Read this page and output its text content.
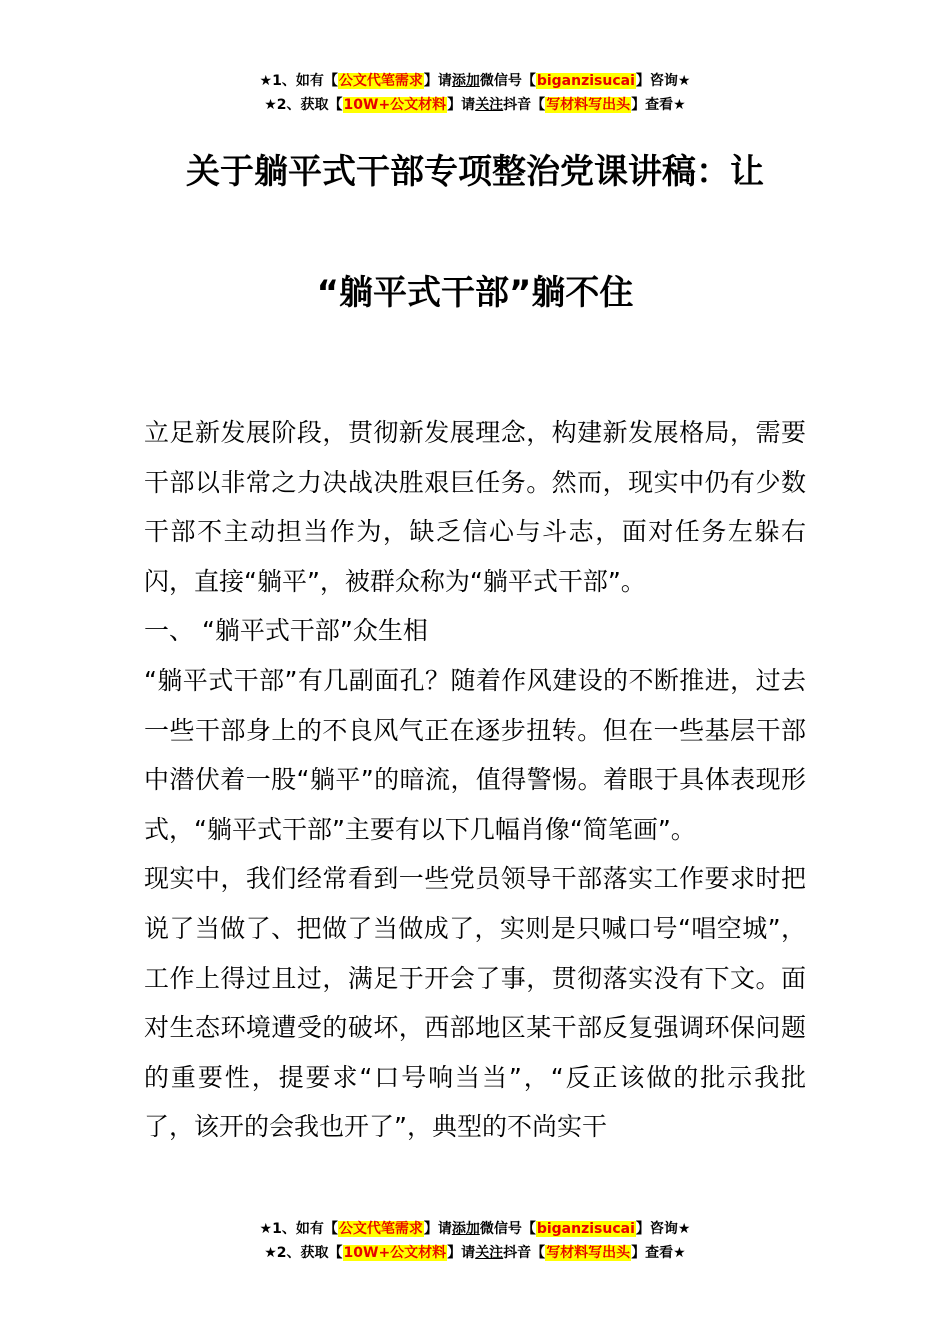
★1、如有【公文代笔需求】请添加微信号【biganzisucai】咨询★
★2、获取【10W+公文材料】请关注抖音【写材料写出头】查看★
关于躺平式干部专项整治党课讲稿：让
“躺平式干部”躺不住

立足新发展阶段，贯彻新发展理念，构建新发展格局，需要干部以非常之力决战决胜艰巨任务。然而，现实中仍有少数干部不主动担当作为，缺乏信心与斗志，面对任务左躲右闪，直接“躺平”，被群众称为“躺平式干部”。

一、 “躺平式干部”众生相

“躺平式干部”有几副面孔？随着作风建设的不断推进，过去一些干部身上的不良风气正在逐步扭转。但在一些基层干部中潜伏着一股“躺平”的暗流，值得警惕。着眼于具体表现形式，“躺平式干部”主要有以下几幅肖像“简笔画”。

现实中，我们经常看到一些党员领导干部落实工作要求时把说了当做了、把做了当做成了，实则是只喊口号“唱空城”，工作上得过且过，满足于开会了事，贯彻落实没有下文。面对生态环境遭受的破坏，西部地区某干部反复强调环保问题的重要性，提要求“口号响当当”，“反正该做的批示我批了，该开的会我也开了”，典型的不尚实干

★1、如有【公文代笔需求】请添加微信号【biganzisucai】咨询★
★2、获取【10W+公文材料】请关注抖音【写材料写出头】查看★
